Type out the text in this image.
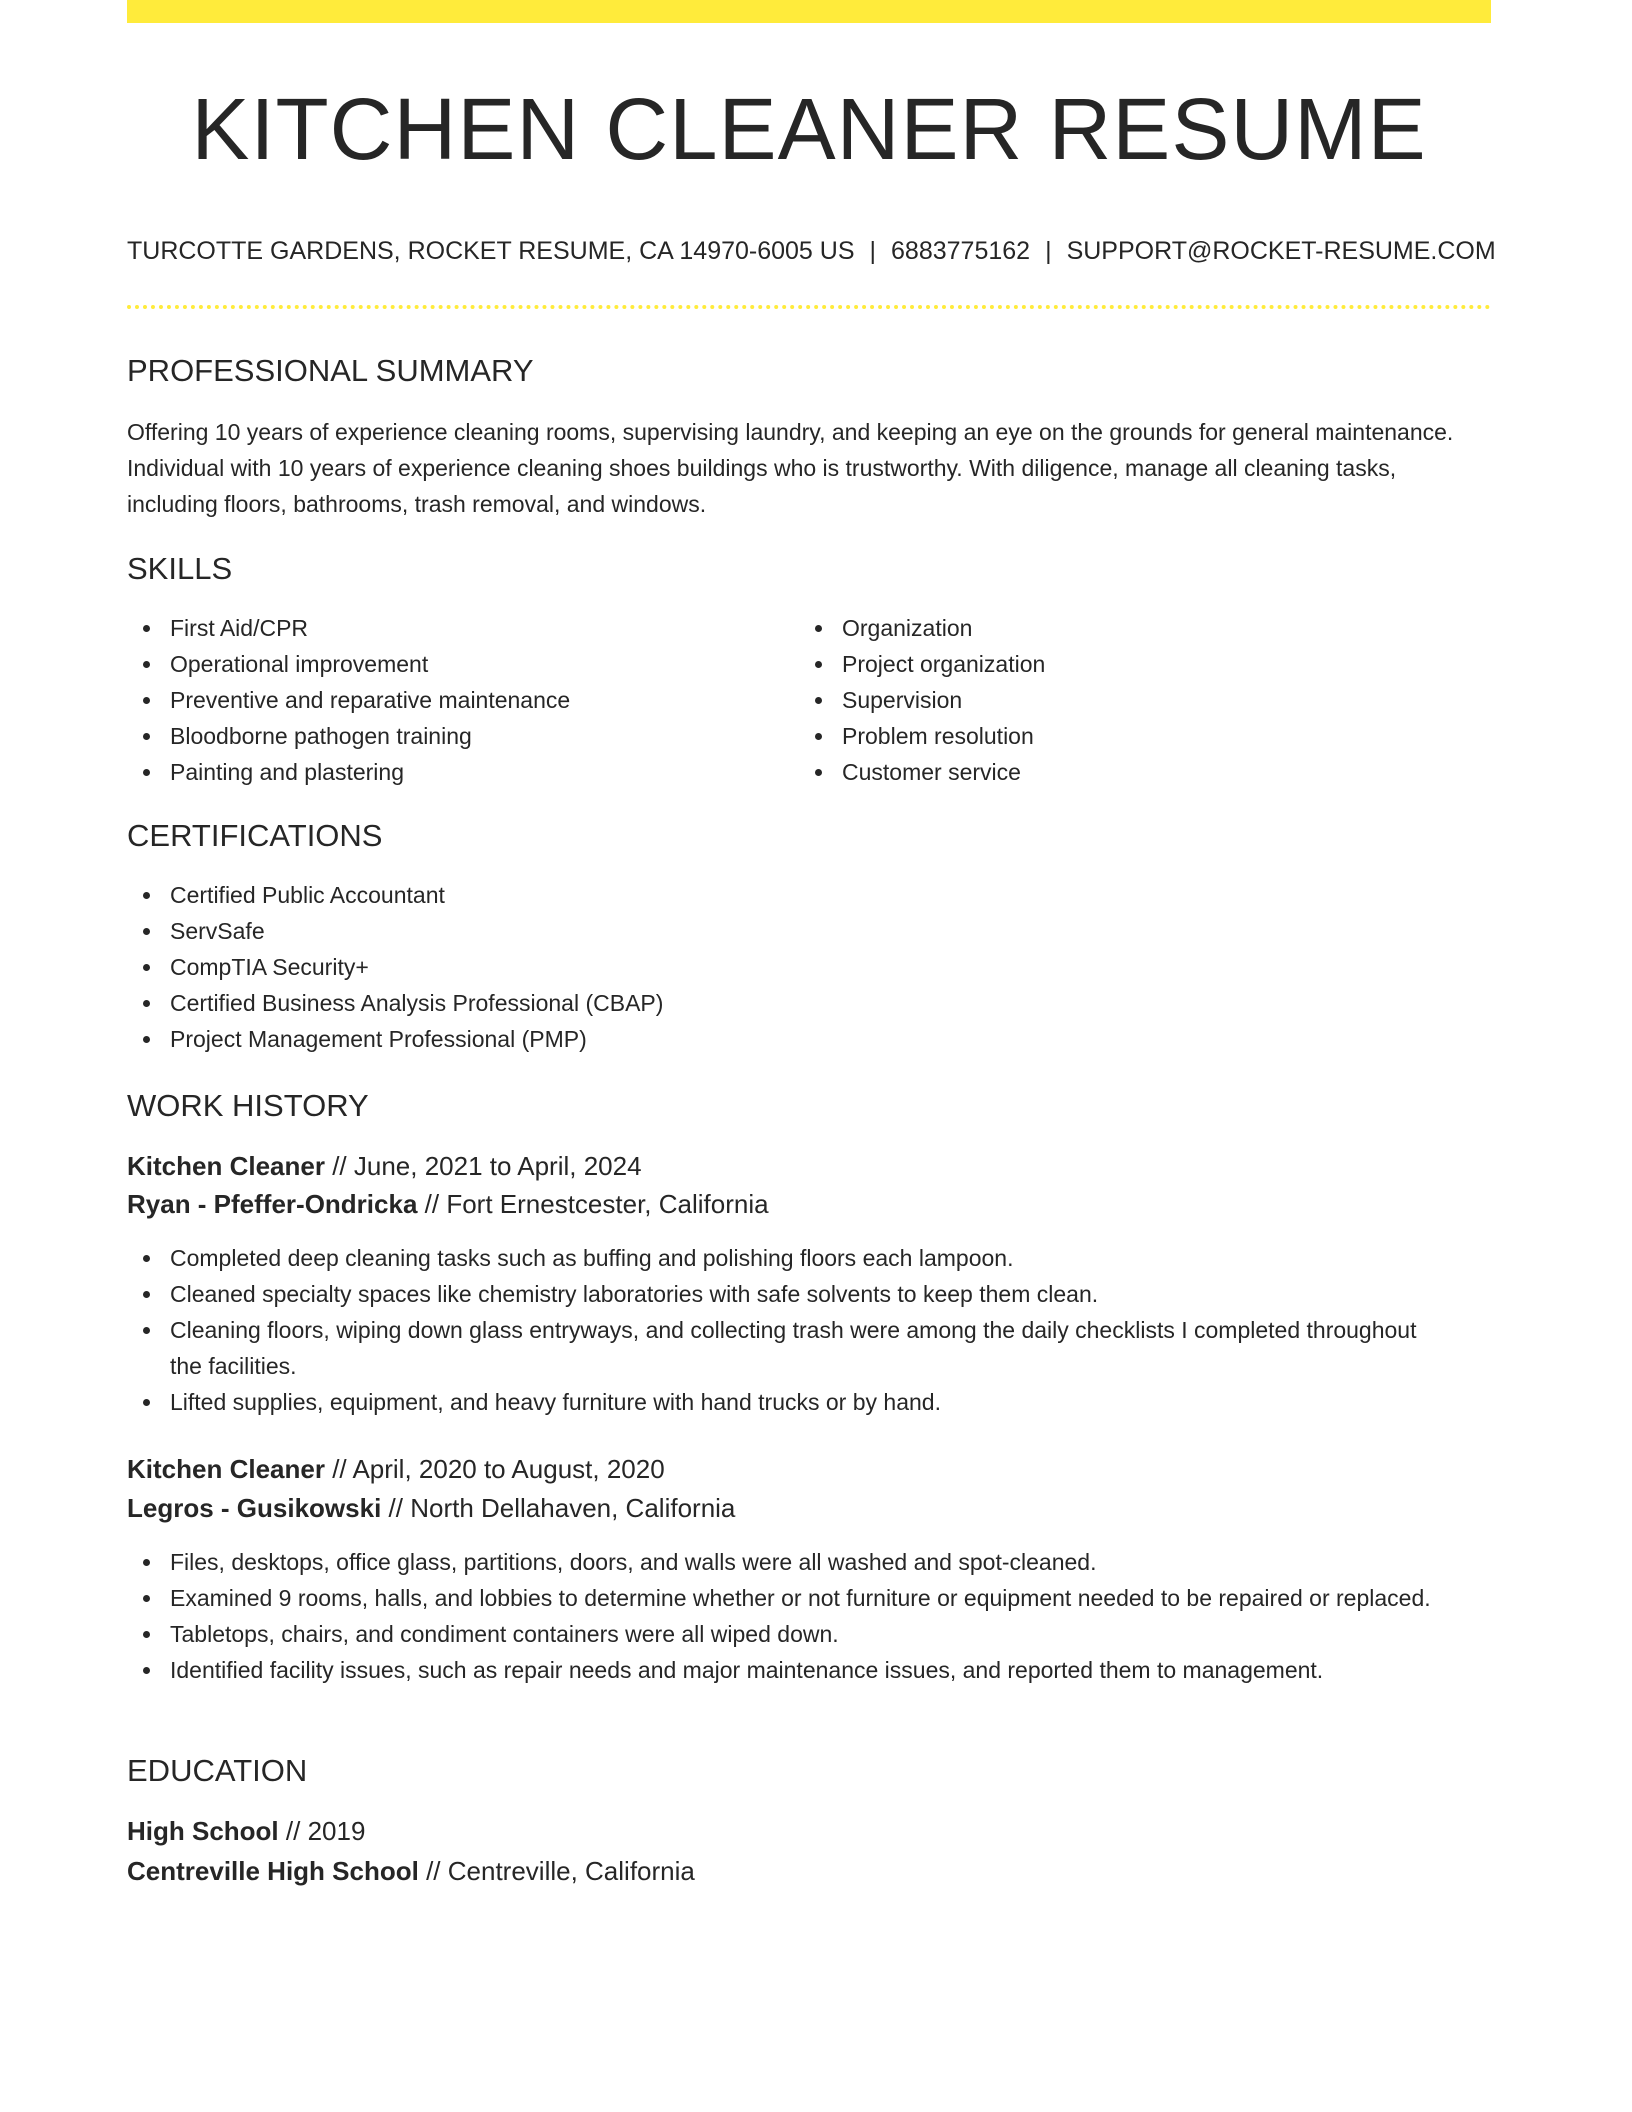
KITCHEN CLEANER RESUME
TURCOTTE GARDENS, ROCKET RESUME, CA 14970-6005 US | 6883775162 | SUPPORT@ROCKET-RESUME.COM
PROFESSIONAL SUMMARY

Offering 10 years of experience cleaning rooms, supervising laundry, and keeping an eye on the grounds for general maintenance. Individual with 10 years of experience cleaning shoes buildings who is trustworthy. With diligence, manage all cleaning tasks, including floors, bathrooms, trash removal, and windows.

SKILLS
First Aid/CPR
Operational improvement
Preventive and reparative maintenance
Bloodborne pathogen training
Painting and plastering
Organization
Project organization
Supervision
Problem resolution
Customer service
CERTIFICATIONS
Certified Public Accountant
ServSafe
CompTIA Security+
Certified Business Analysis Professional (CBAP)
Project Management Professional (PMP)
WORK HISTORY
Kitchen Cleaner // June, 2021 to April, 2024
Ryan - Pfeffer-Ondricka // Fort Ernestcester, California
Completed deep cleaning tasks such as buffing and polishing floors each lampoon.
Cleaned specialty spaces like chemistry laboratories with safe solvents to keep them clean.
Cleaning floors, wiping down glass entryways, and collecting trash were among the daily checklists I completed throughout the facilities.
Lifted supplies, equipment, and heavy furniture with hand trucks or by hand.
Kitchen Cleaner // April, 2020 to August, 2020
Legros - Gusikowski // North Dellahaven, California
Files, desktops, office glass, partitions, doors, and walls were all washed and spot-cleaned.
Examined 9 rooms, halls, and lobbies to determine whether or not furniture or equipment needed to be repaired or replaced.
Tabletops, chairs, and condiment containers were all wiped down.
Identified facility issues, such as repair needs and major maintenance issues, and reported them to management.
EDUCATION
High School // 2019
Centreville High School // Centreville, California
